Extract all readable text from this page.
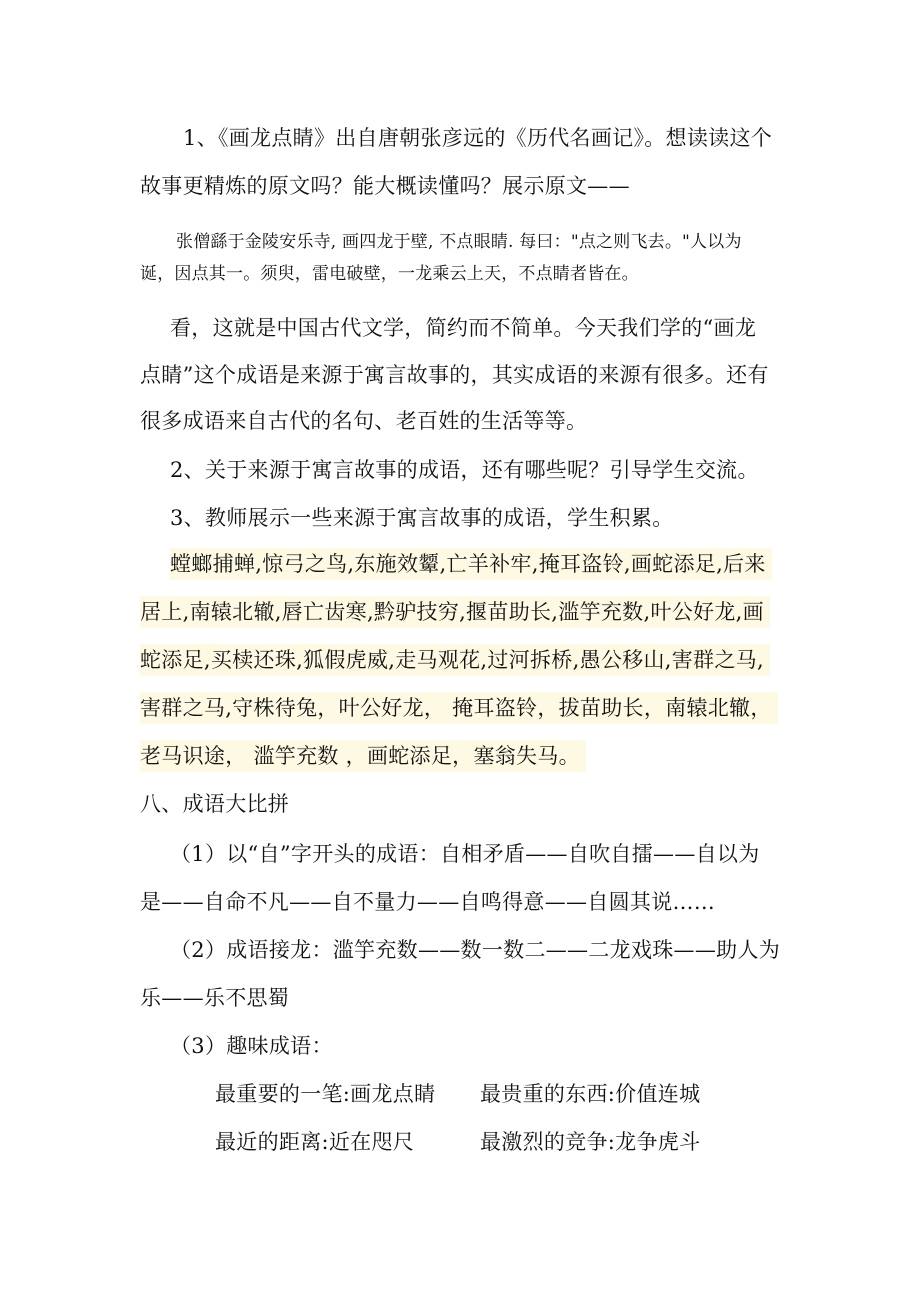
1、《画龙点睛》出自唐朝张彦远的《历代名画记》。想读读这个
故事更精炼的原文吗？能大概读懂吗？展示原文——
张僧繇于金陵安乐寺, 画四龙于壁, 不点眼睛. 每曰："点之则飞去。"人以为
诞，因点其一。须臾，雷电破壁，一龙乘云上天，不点睛者皆在。
看，这就是中国古代文学，简约而不简单。今天我们学的“画龙
点睛”这个成语是来源于寓言故事的，其实成语的来源有很多。还有
很多成语来自古代的名句、老百姓的生活等等。
2、关于来源于寓言故事的成语，还有哪些呢？引导学生交流。
3、教师展示一些来源于寓言故事的成语，学生积累。
螳螂捕蝉,惊弓之鸟,东施效颦,亡羊补牢,掩耳盗铃,画蛇添足,后来
居上,南辕北辙,唇亡齿寒,黔驴技穷,揠苗助长,滥竽充数,叶公好龙,画
蛇添足,买椟还珠,狐假虎威,走马观花,过河拆桥,愚公移山,害群之马,
害群之马,守株待兔，叶公好龙， 掩耳盗铃，拔苗助长，南辕北辙，
老马识途， 滥竽充数 ，画蛇添足，塞翁失马。
八、成语大比拼
（1）以“自”字开头的成语：自相矛盾——自吹自擂——自以为
是——自命不凡——自不量力——自鸣得意——自圆其说……
（2）成语接龙：滥竽充数——数一数二——二龙戏珠——助人为
乐——乐不思蜀
（3）趣味成语：
最重要的一笔:画龙点睛 最贵重的东西:价值连城
最近的距离:近在咫尺	最激烈的竞争:龙争虎斗
